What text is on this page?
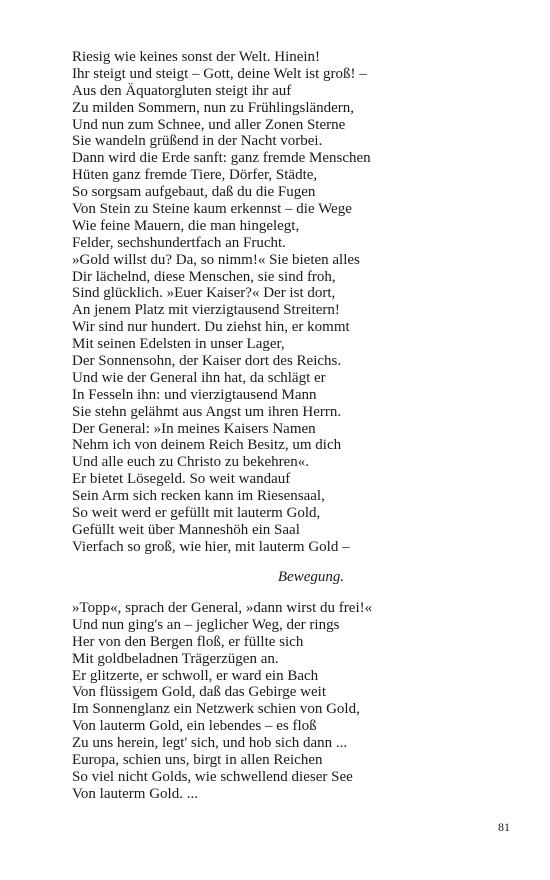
Riesig wie keines sonst der Welt. Hinein!
Ihr steigt und steigt – Gott, deine Welt ist groß! –
Aus den Äquatorgluten steigt ihr auf
Zu milden Sommern, nun zu Frühlingsländern,
Und nun zum Schnee, und aller Zonen Sterne
Sie wandeln grüßend in der Nacht vorbei.
Dann wird die Erde sanft: ganz fremde Menschen
Hüten ganz fremde Tiere, Dörfer, Städte,
So sorgsam aufgebaut, daß du die Fugen
Von Stein zu Steine kaum erkennst – die Wege
Wie feine Mauern, die man hingelegt,
Felder, sechshundertfach an Frucht.
»Gold willst du? Da, so nimm!« Sie bieten alles
Dir lächelnd, diese Menschen, sie sind froh,
Sind glücklich. »Euer Kaiser?« Der ist dort,
An jenem Platz mit vierzigtausend Streitern!
Wir sind nur hundert. Du ziehst hin, er kommt
Mit seinen Edelsten in unser Lager,
Der Sonnensohn, der Kaiser dort des Reichs.
Und wie der General ihn hat, da schlägt er
In Fesseln ihn: und vierzigtausend Mann
Sie stehn gelähmt aus Angst um ihren Herrn.
Der General: »In meines Kaisers Namen
Nehm ich von deinem Reich Besitz, um dich
Und alle euch zu Christo zu bekehren«.
Er bietet Lösegeld. So weit wandauf
Sein Arm sich recken kann im Riesensaal,
So weit werd er gefüllt mit lauterm Gold,
Gefüllt weit über Manneshöh ein Saal
Vierfach so groß, wie hier, mit lauterm Gold –
Bewegung.
»Topp«, sprach der General, »dann wirst du frei!«
Und nun ging's an – jeglicher Weg, der rings
Her von den Bergen floß, er füllte sich
Mit goldbeladnen Trägerzügen an.
Er glitzerte, er schwoll, er ward ein Bach
Von flüssigem Gold, daß das Gebirge weit
Im Sonnenglanz ein Netzwerk schien von Gold,
Von lauterm Gold, ein lebendes – es floß
Zu uns herein, legt' sich, und hob sich dann ...
Europa, schien uns, birgt in allen Reichen
So viel nicht Golds, wie schwellend dieser See
Von lauterm Gold. ...
81
